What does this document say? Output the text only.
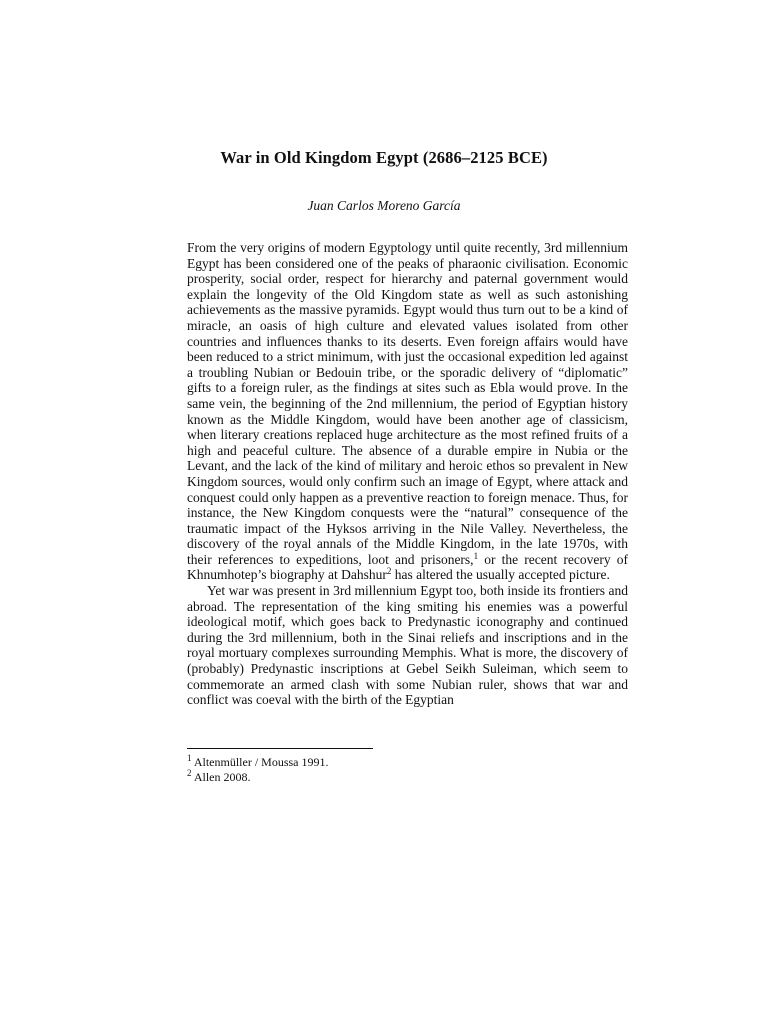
War in Old Kingdom Egypt (2686–2125 BCE)
Juan Carlos Moreno García

From the very origins of modern Egyptology until quite recently, 3rd millennium Egypt has been considered one of the peaks of pharaonic civilisation. Economic prosperity, social order, respect for hierarchy and paternal government would explain the longevity of the Old Kingdom state as well as such astonishing achievements as the massive pyramids. Egypt would thus turn out to be a kind of miracle, an oasis of high culture and elevated values isolated from other countries and influences thanks to its deserts. Even foreign affairs would have been reduced to a strict minimum, with just the occasional expedition led against a troubling Nubian or Bedouin tribe, or the sporadic delivery of “diplomatic” gifts to a foreign ruler, as the findings at sites such as Ebla would prove. In the same vein, the beginning of the 2nd millennium, the period of Egyptian history known as the Middle Kingdom, would have been another age of classicism, when literary creations replaced huge architecture as the most refined fruits of a high and peaceful culture. The absence of a durable empire in Nubia or the Levant, and the lack of the kind of military and heroic ethos so prevalent in New Kingdom sources, would only confirm such an image of Egypt, where attack and conquest could only happen as a preventive reaction to foreign menace. Thus, for instance, the New Kingdom conquests were the “natural” consequence of the traumatic impact of the Hyksos arriving in the Nile Valley. Nevertheless, the discovery of the royal annals of the Middle Kingdom, in the late 1970s, with their references to expeditions, loot and prisoners,$^1$ or the recent recovery of Khnumhotep’s biography at Dahshur$^2$ has altered the usually accepted picture.

Yet war was present in 3rd millennium Egypt too, both inside its frontiers and abroad. The representation of the king smiting his enemies was a powerful ideological motif, which goes back to Predynastic iconography and continued during the 3rd millennium, both in the Sinai reliefs and inscriptions and in the royal mortuary complexes surrounding Memphis. What is more, the discovery of (probably) Predynastic inscriptions at Gebel Seikh Suleiman, which seem to commemorate an armed clash with some Nubian ruler, shows that war and conflict was coeval with the birth of the Egyptian

$^1$ Altenmüller / Moussa 1991.

$^2$ Allen 2008.
